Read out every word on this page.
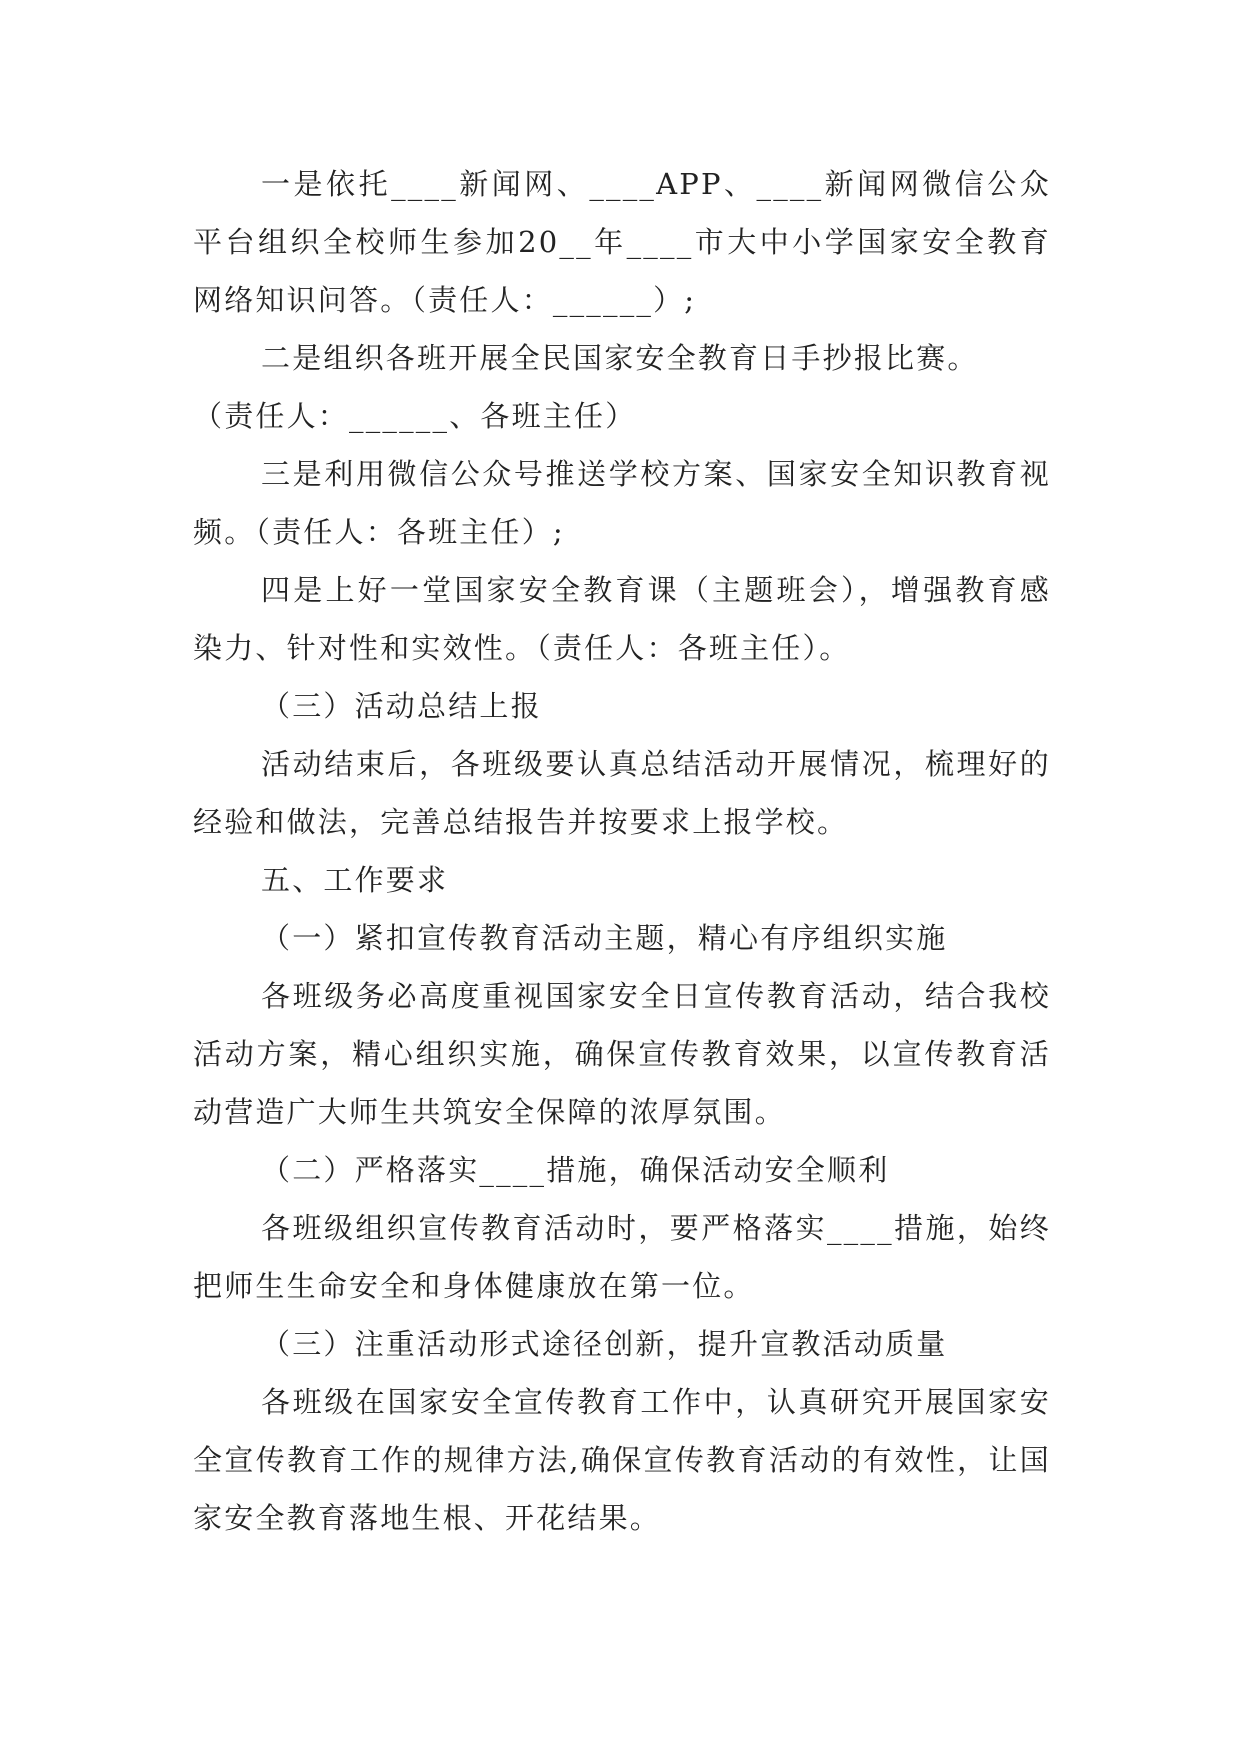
一是依托____新闻网、____APP、____新闻网微信公众平台组织全校师生参加20__年____市大中小学国家安全教育网络知识问答。（责任人：______）;

二是组织各班开展全民国家安全教育日手抄报比赛。

（责任人：______、各班主任）

三是利用微信公众号推送学校方案、国家安全知识教育视频。（责任人：各班主任）;

四是上好一堂国家安全教育课（主题班会），增强教育感染力、针对性和实效性。（责任人：各班主任）。

（三）活动总结上报

活动结束后，各班级要认真总结活动开展情况，梳理好的经验和做法，完善总结报告并按要求上报学校。

五、工作要求

（一）紧扣宣传教育活动主题，精心有序组织实施

各班级务必高度重视国家安全日宣传教育活动，结合我校活动方案，精心组织实施，确保宣传教育效果，以宣传教育活动营造广大师生共筑安全保障的浓厚氛围。

（二）严格落实____措施，确保活动安全顺利

各班级组织宣传教育活动时，要严格落实____措施，始终把师生生命安全和身体健康放在第一位。

（三）注重活动形式途径创新，提升宣教活动质量

各班级在国家安全宣传教育工作中，认真研究开展国家安全宣传教育工作的规律方法,确保宣传教育活动的有效性，让国家安全教育落地生根、开花结果。
